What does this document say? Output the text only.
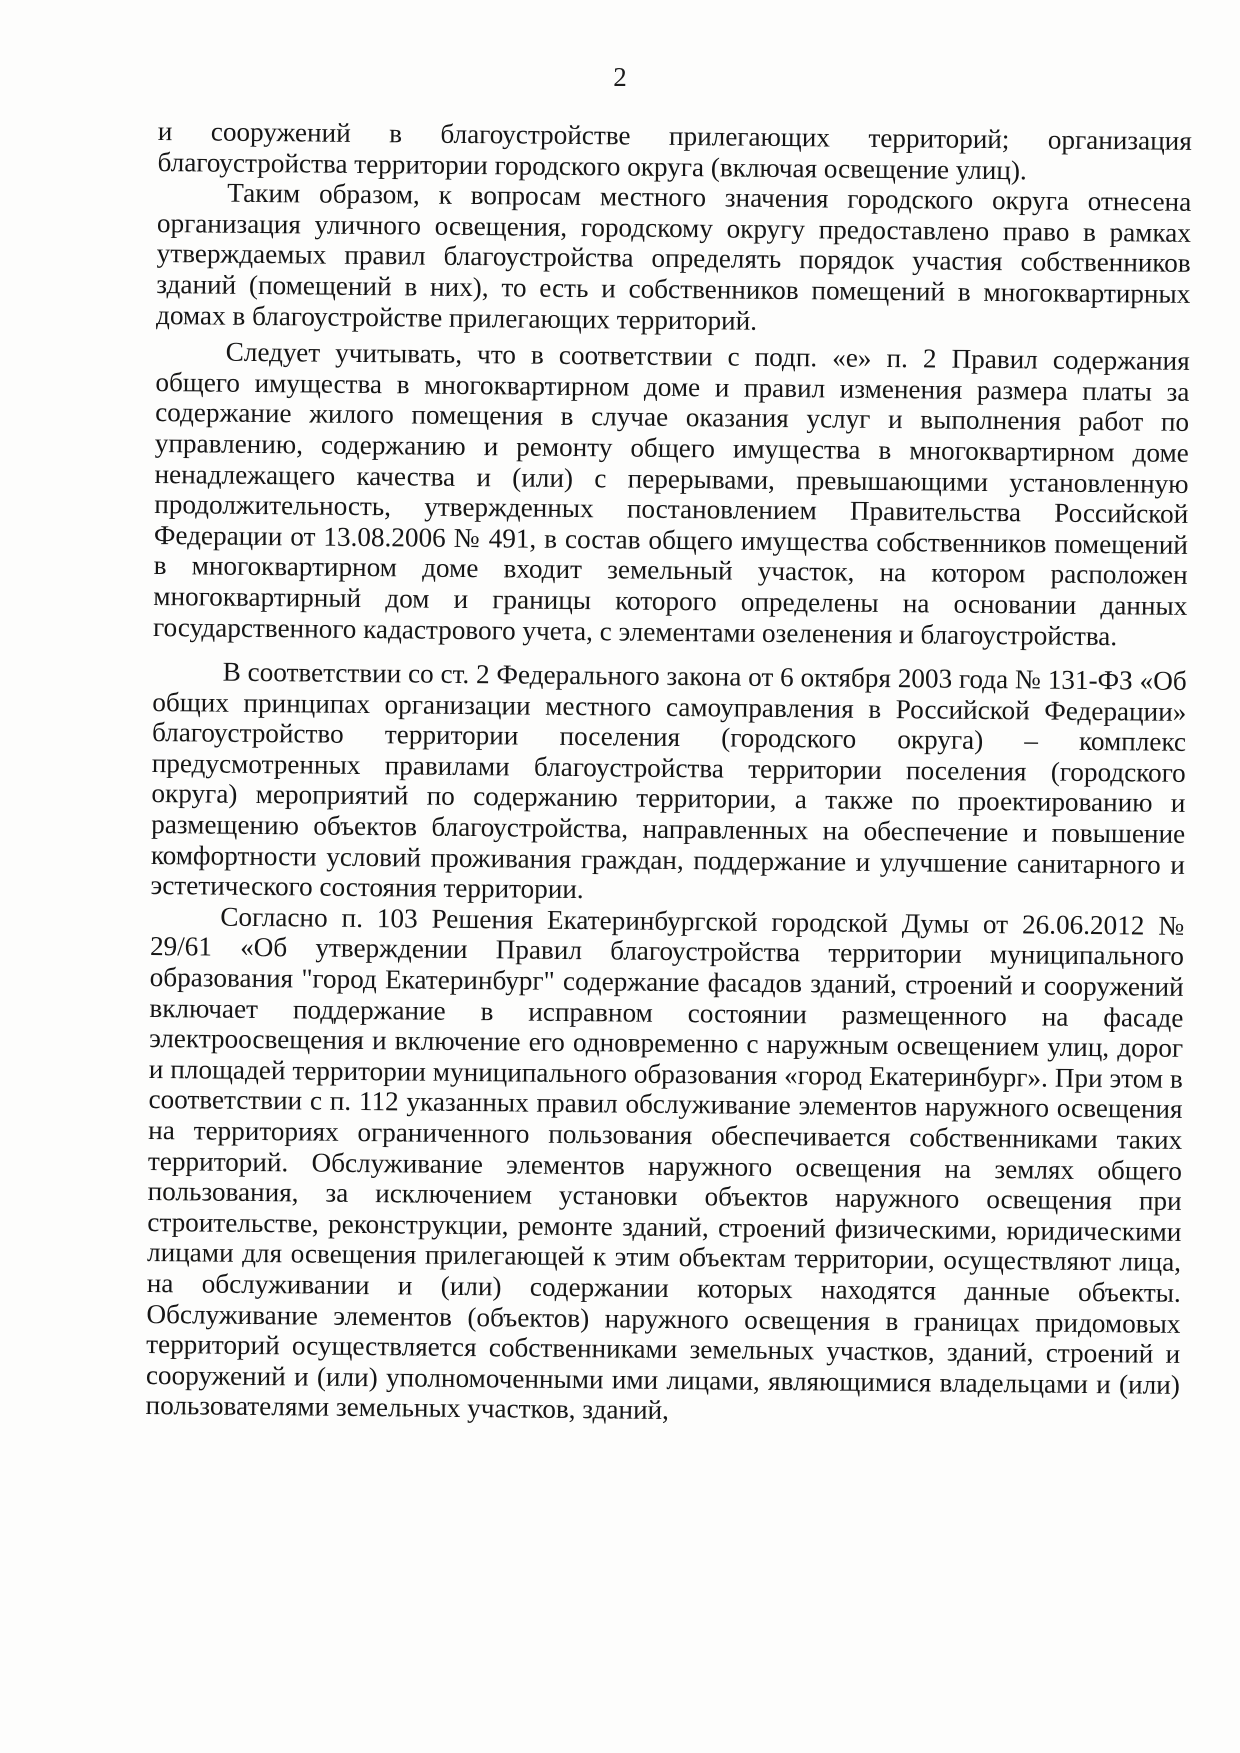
2

и сооружений в благоустройстве прилегающих территорий; организация благоустройства территории городского округа (включая освещение улиц).

Таким образом, к вопросам местного значения городского округа отнесена организация уличного освещения, городскому округу предоставлено право в рамках утверждаемых правил благоустройства определять порядок участия собственников зданий (помещений в них), то есть и собственников помещений в многоквартирных домах в благоустройстве прилегающих территорий.

Следует учитывать, что в соответствии с подп. «е» п. 2 Правил содержания общего имущества в многоквартирном доме и правил изменения размера платы за содержание жилого помещения в случае оказания услуг и выполнения работ по управлению, содержанию и ремонту общего имущества в многоквартирном доме ненадлежащего качества и (или) с перерывами, превышающими установленную продолжительность, утвержденных постановлением Правительства Российской Федерации от 13.08.2006 № 491, в состав общего имущества собственников помещений в многоквартирном доме входит земельный участок, на котором расположен многоквартирный дом и границы которого определены на основании данных государственного кадастрового учета, с элементами озеленения и благоустройства.

В соответствии со ст. 2 Федерального закона от 6 октября 2003 года № 131-ФЗ «Об общих принципах организации местного самоуправления в Российской Федерации» благоустройство территории поселения (городского округа) – комплекс предусмотренных правилами благоустройства территории поселения (городского округа) мероприятий по содержанию территории, а также по проектированию и размещению объектов благоустройства, направленных на обеспечение и повышение комфортности условий проживания граждан, поддержание и улучшение санитарного и эстетического состояния территории.

Согласно п. 103 Решения Екатеринбургской городской Думы от 26.06.2012 № 29/61 «Об утверждении Правил благоустройства территории муниципального образования "город Екатеринбург" содержание фасадов зданий, строений и сооружений включает поддержание в исправном состоянии размещенного на фасаде электроосвещения и включение его одновременно с наружным освещением улиц, дорог и площадей территории муниципального образования «город Екатеринбург». При этом в соответствии с п. 112 указанных правил обслуживание элементов наружного освещения на территориях ограниченного пользования обеспечивается собственниками таких территорий. Обслуживание элементов наружного освещения на землях общего пользования, за исключением установки объектов наружного освещения при строительстве, реконструкции, ремонте зданий, строений физическими, юридическими лицами для освещения прилегающей к этим объектам территории, осуществляют лица, на обслуживании и (или) содержании которых находятся данные объекты. Обслуживание элементов (объектов) наружного освещения в границах придомовых территорий осуществляется собственниками земельных участков, зданий, строений и сооружений и (или) уполномоченными ими лицами, являющимися владельцами и (или) пользователями земельных участков, зданий,
